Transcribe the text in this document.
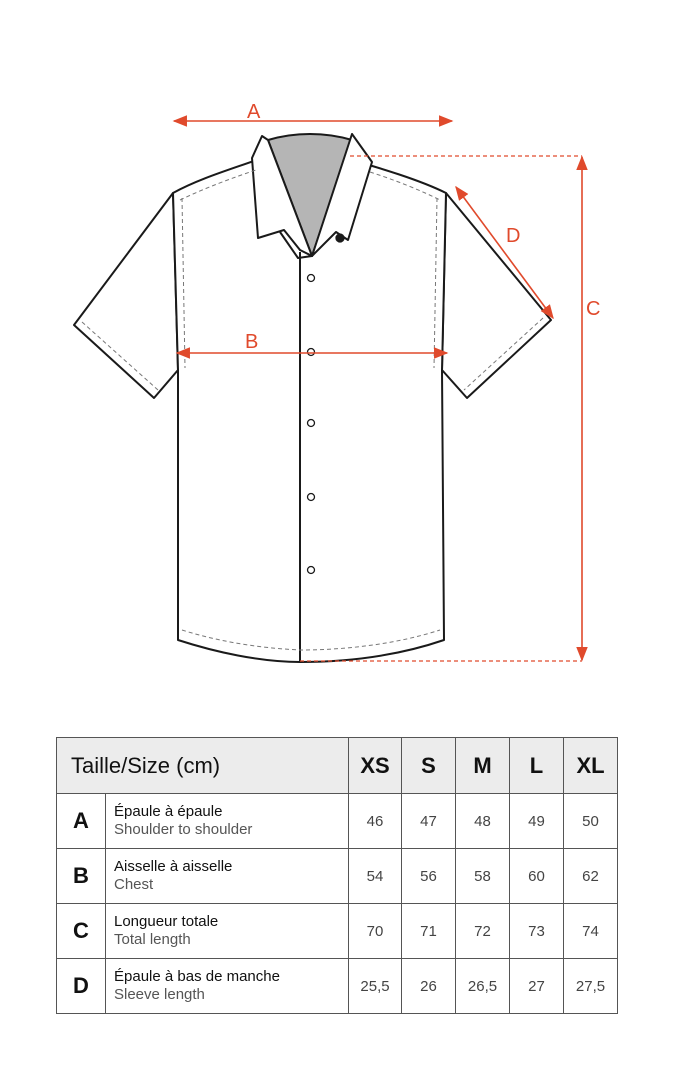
A
B
C
D
Taille/Size (cm)		XS	S	M	L	XL
A	Épaule à épaule
Shoulder to shoulder	46	47	48	49	50
B	Aisselle à aisselle
Chest	54	56	58	60	62
C	Longueur totale
Total length	70	71	72	73	74
D	Épaule à bas de manche
Sleeve length	25,5	26	26,5	27	27,5
